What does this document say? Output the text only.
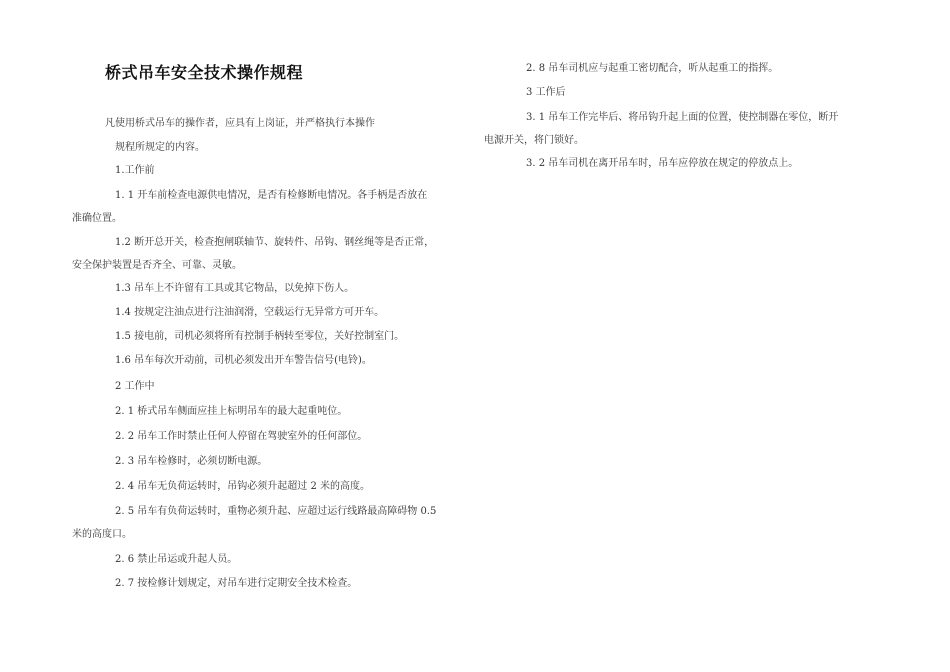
桥式吊车安全技术操作规程
凡使用桥式吊车的操作者，应具有上岗证，并严格执行本操作
规程所规定的内容。
1.工作前
1. 1 开车前检查电源供电情况，是否有检修断电情况。各手柄是否放在
准确位置。
1.2 断开总开关，检查抱闸联轴节、旋转件、吊钩、钢丝绳等是否正常，
安全保护装置是否齐全、可靠、灵敏。
1.3 吊车上不许留有工具或其它物品，以免掉下伤人。
1.4 按规定注油点进行注油润滑，空载运行无异常方可开车。
1.5 接电前，司机必须将所有控制手柄转至零位，关好控制室门。
1.6 吊车每次开动前，司机必须发出开车警告信号(电铃)。
2 工作中
2. 1 桥式吊车侧面应挂上标明吊车的最大起重吨位。
2. 2 吊车工作时禁止任何人停留在驾驶室外的任何部位。
2. 3 吊车检修时，必须切断电源。
2. 4 吊车无负荷运转时，吊钩必须升起超过 2 米的高度。
2. 5 吊车有负荷运转时，重物必须升起、应超过运行线路最高障碍物 0.5
米的高度口。
2. 6 禁止吊运或升起人员。
2. 7 按检修计划规定，对吊车进行定期安全技术检查。
2. 8 吊车司机应与起重工密切配合，听从起重工的指挥。
3 工作后
3. 1 吊车工作完毕后、将吊钩升起上面的位置，使控制器在零位，断开
电源开关，将门锁好。
3. 2 吊车司机在离开吊车时，吊车应停放在规定的停放点上。
